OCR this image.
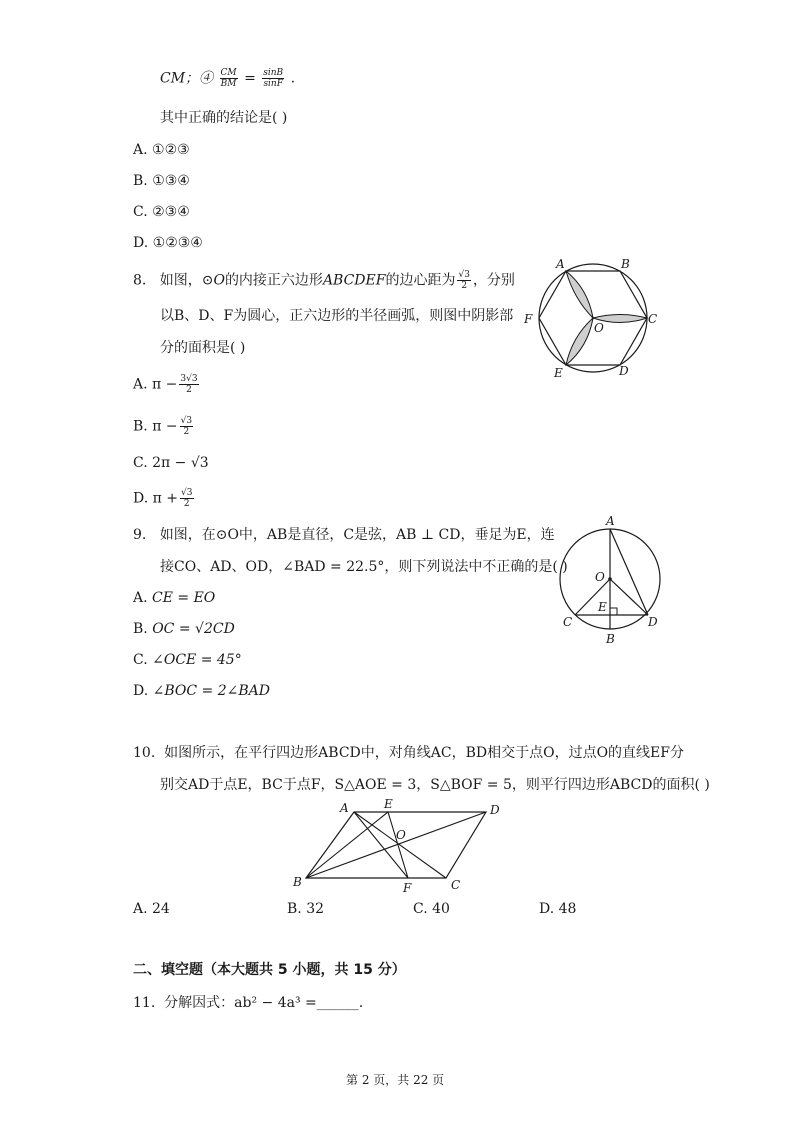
CM；④ $\frac{CM}{BM} = \frac{\sin B}{\sin F}$ .
其中正确的结论是( )
A. ①②③
B. ①③④
C. ②③④
D. ①②③④
8. 如图，⊙O的内接正六边形ABCDEF的边心距为 $\frac{√3}{2}$ ，分别
以B、D、F为圆心，正六边形的半径画弧，则图中阴影部
分的面积是( )
A. $\pi - \frac{3√3}{2}$
B. $\pi - \frac{√3}{2}$
C. 2π − √3
D. $\pi + \frac{√3}{2}$
A	B
C
D
E
F
O
9. 如图，在⊙O中，AB是直径，C是弦，AB ⊥ CD，垂足为E，连
接CO、AD、OD，∠BAD = 22.5°，则下列说法中不正确的是( )
A. CE = EO
B. OC = √2CD
C. ∠OCE = 45°
D. ∠BOC = 2∠BAD
A
O
E
C	D
B
10. 如图所示，在平行四边形ABCD中，对角线AC，BD相交于点O，过点O的直线EF分
别交AD于点E，BC于点F，S△AOE = 3，S△BOF = 5，则平行四边形ABCD的面积( )
A	E	D
O
B	F	C
A. 24	B. 32	C. 40	D. 48
二、填空题（本大题共 5 小题，共 15 分）
11. 分解因式：ab² − 4a³ =______.
第 2 页，共 22 页
